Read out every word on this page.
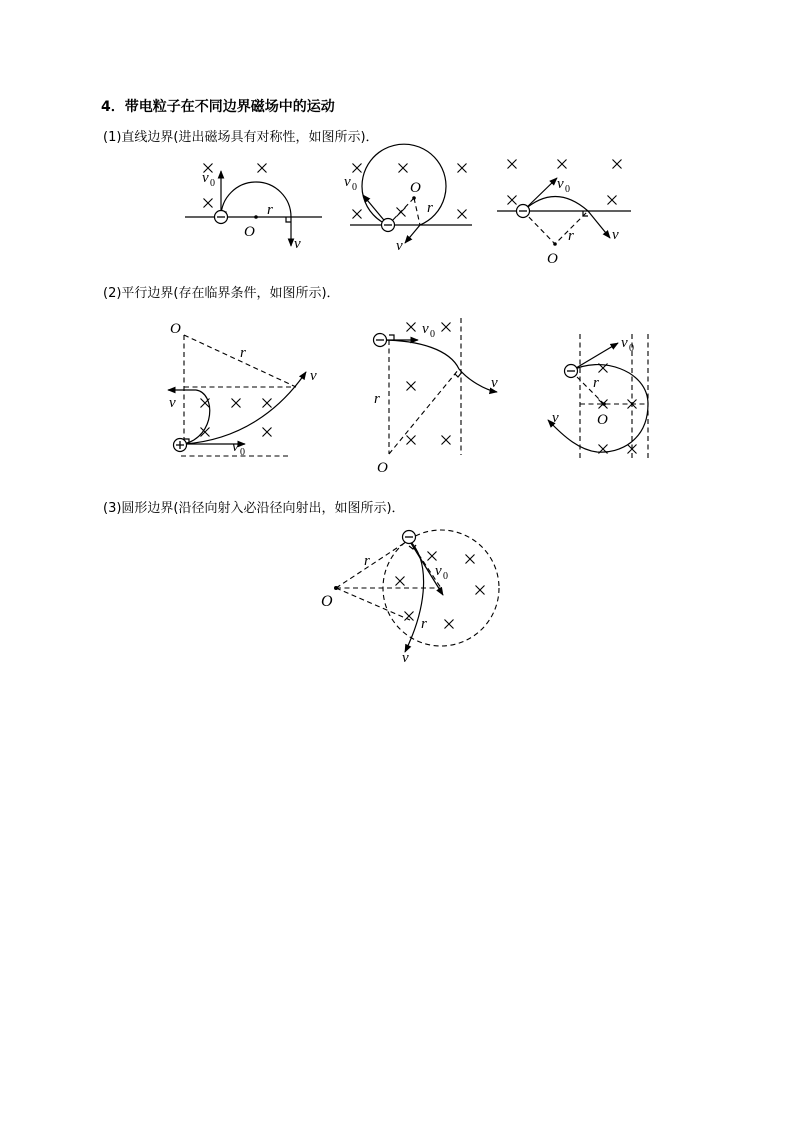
4．带电粒子在不同边界磁场中的运动
(1)直线边界(进出磁场具有对称性，如图所示)．
(2)平行边界(存在临界条件，如图所示)．
(3)圆形边界(沿径向射入必沿径向射出，如图所示)．
v 0
r
O
v
v 0	O
r
v
v 0
r
O
v
O
r
v
v
v 0
v 0
r
O
v
v 0
r
O
v
O
r
v 0
r
v
